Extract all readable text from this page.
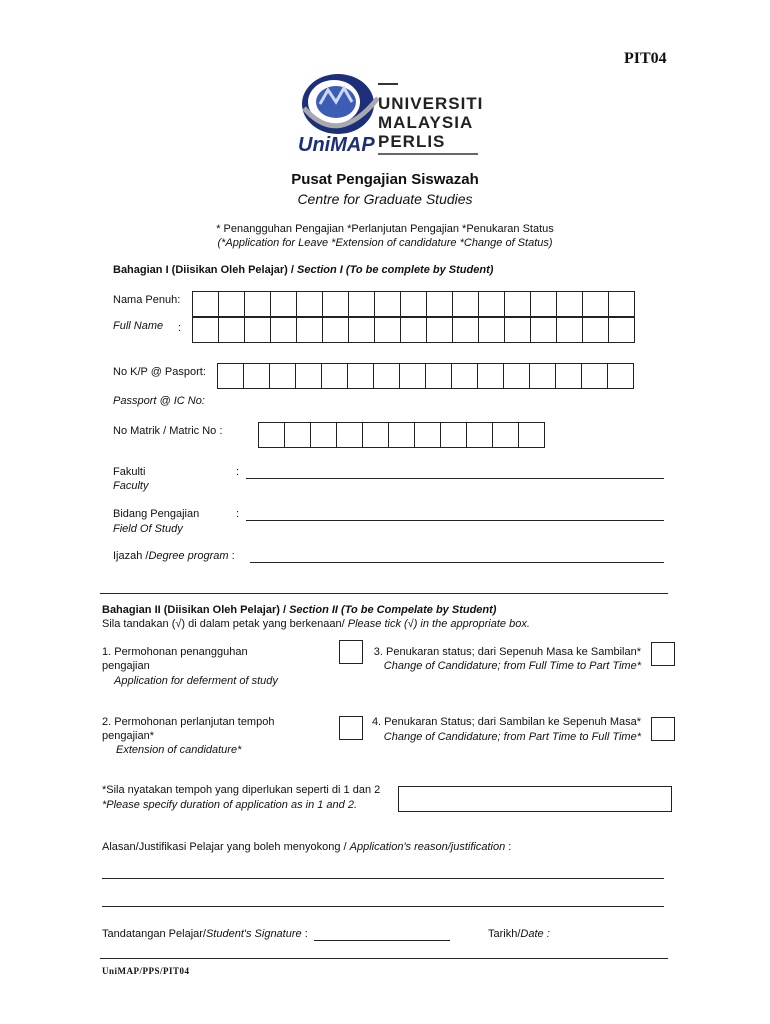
PIT04
UniMAP
UNIVERSITI
MALAYSIA
PERLIS
Pusat Pengajian Siswazah
Centre for Graduate Studies
* Penangguhan Pengajian *Perlanjutan Pengajian *Penukaran Status
(*Application for Leave *Extension of candidature *Change of Status)
Bahagian I (Diisikan Oleh Pelajar) / Section I (To be complete by Student)
Nama Penuh:
Full Name :
No K/P @ Pasport:
Passport @ IC No:
No Matrik / Matric No :
Fakulti
Faculty
:
Bidang Pengajian
Field Of Study
:
Ijazah /Degree program :
Bahagian II (Diisikan Oleh Pelajar) / Section II (To be Compelate by Student)
Sila tandakan (√) di dalam petak yang berkenaan/ Please tick (√) in the appropriate box.
1. Permohonan penangguhan
pengajian
Application for deferment of study
3. Penukaran status; dari Sepenuh Masa ke Sambilan*
Change of Candidature; from Full Time to Part Time*
2. Permohonan perlanjutan tempoh
pengajian*
Extension of candidature*
4. Penukaran Status; dari Sambilan ke Sepenuh Masa*
Change of Candidature; from Part Time to Full Time*
*Sila nyatakan tempoh yang diperlukan seperti di 1 dan 2
*Please specify duration of application as in 1 and 2.
Alasan/Justifikasi Pelajar yang boleh menyokong / Application's reason/justification :
Tandatangan Pelajar/Student's Signature :	Tarikh/Date :
UniMAP/PPS/PIT04
